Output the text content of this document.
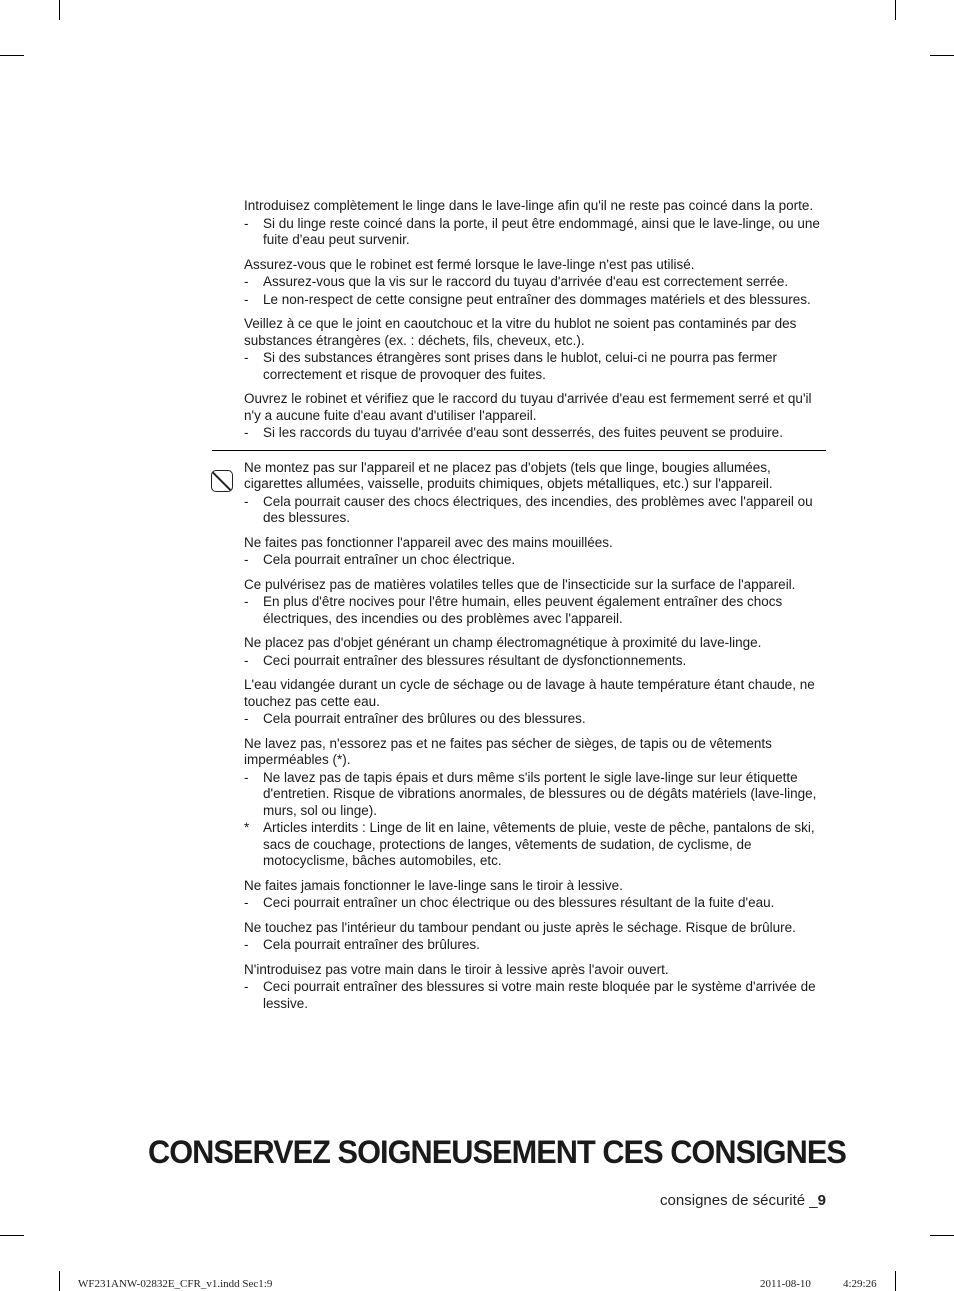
Introduisez complètement le linge dans le lave-linge afin qu'il ne reste pas coincé dans la porte.
- Si du linge reste coincé dans la porte, il peut être endommagé, ainsi que le lave-linge, ou une fuite d'eau peut survenir.
Assurez-vous que le robinet est fermé lorsque le lave-linge n'est pas utilisé.
- Assurez-vous que la vis sur le raccord du tuyau d'arrivée d'eau est correctement serrée.
- Le non-respect de cette consigne peut entraîner des dommages matériels et des blessures.
Veillez à ce que le joint en caoutchouc et la vitre du hublot ne soient pas contaminés par des substances étrangères (ex. : déchets, fils, cheveux, etc.).
- Si des substances étrangères sont prises dans le hublot, celui-ci ne pourra pas fermer correctement et risque de provoquer des fuites.
Ouvrez le robinet et vérifiez que le raccord du tuyau d'arrivée d'eau est fermement serré et qu'il n'y a aucune fuite d'eau avant d'utiliser l'appareil.
- Si les raccords du tuyau d'arrivée d'eau sont desserrés, des fuites peuvent se produire.
Ne montez pas sur l'appareil et ne placez pas d'objets (tels que linge, bougies allumées, cigarettes allumées, vaisselle, produits chimiques, objets métalliques, etc.) sur l'appareil.
- Cela pourrait causer des chocs électriques, des incendies, des problèmes avec l'appareil ou des blessures.
Ne faites pas fonctionner l'appareil avec des mains mouillées.
- Cela pourrait entraîner un choc électrique.
Ce pulvérisez pas de matières volatiles telles que de l'insecticide sur la surface de l'appareil.
- En plus d'être nocives pour l'être humain, elles peuvent également entraîner des chocs électriques, des incendies ou des problèmes avec l'appareil.
Ne placez pas d'objet générant un champ électromagnétique à proximité du lave-linge.
- Ceci pourrait entraîner des blessures résultant de dysfonctionnements.
L'eau vidangée durant un cycle de séchage ou de lavage à haute température étant chaude, ne touchez pas cette eau.
- Cela pourrait entraîner des brûlures ou des blessures.
Ne lavez pas, n'essorez pas et ne faites pas sécher de sièges, de tapis ou de vêtements imperméables (*).
- Ne lavez pas de tapis épais et durs même s'ils portent le sigle lave-linge sur leur étiquette d'entretien. Risque de vibrations anormales, de blessures ou de dégâts matériels (lave-linge, murs, sol ou linge).
* Articles interdits : Linge de lit en laine, vêtements de pluie, veste de pêche, pantalons de ski, sacs de couchage, protections de langes, vêtements de sudation, de cyclisme, de motocyclisme, bâches automobiles, etc.
Ne faites jamais fonctionner le lave-linge sans le tiroir à lessive.
- Ceci pourrait entraîner un choc électrique ou des blessures résultant de la fuite d'eau.
Ne touchez pas l'intérieur du tambour pendant ou juste après le séchage. Risque de brûlure.
- Cela pourrait entraîner des brûlures.
N'introduisez pas votre main dans le tiroir à lessive après l'avoir ouvert.
- Ceci pourrait entraîner des blessures si votre main reste bloquée par le système d'arrivée de lessive.
CONSERVEZ SOIGNEUSEMENT CES CONSIGNES
consignes de sécurité _9
WF231ANW-02832E_CFR_v1.indd Sec1:9	2011-08-10	4:29:26
